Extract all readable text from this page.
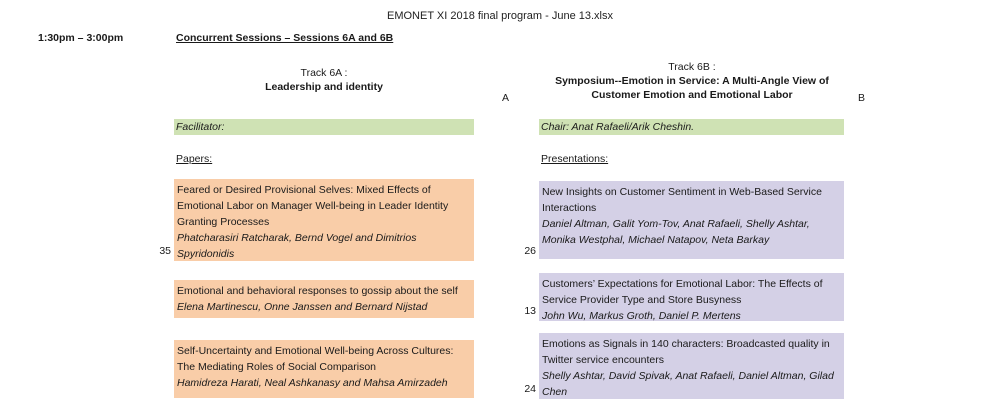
EMONET XI 2018 final program - June 13.xlsx
1:30pm – 3:00pm	Concurrent Sessions – Sessions 6A and 6B
Track 6A :
Leadership and identity
Track 6B :
Symposium--Emotion in Service: A Multi-Angle View of
Customer Emotion and Emotional Labor
A	B
Facilitator:	Chair: Anat Rafaeli/Arik Cheshin.
Papers:	Presentations:
Feared or Desired Provisional Selves: Mixed Effects of Emotional Labor on Manager Well-being in Leader Identity Granting Processes
Phatcharasiri Ratcharak, Bernd Vogel and Dimitrios Spyridonidis
35
Emotional and behavioral responses to gossip about the self
Elena Martinescu, Onne Janssen and Bernard Nijstad
Self-Uncertainty and Emotional Well-being Across Cultures: The Mediating Roles of Social Comparison
Hamidreza Harati, Neal Ashkanasy and Mahsa Amirzadeh
New Insights on Customer Sentiment in Web-Based Service Interactions
Daniel Altman, Galit Yom-Tov, Anat Rafaeli, Shelly Ashtar, Monika Westphal, Michael Natapov, Neta Barkay
26
Customers’ Expectations for Emotional Labor: The Effects of Service Provider Type and Store Busyness
John Wu, Markus Groth, Daniel P. Mertens
13
Emotions as Signals in 140 characters: Broadcasted quality in Twitter service encounters
Shelly Ashtar, David Spivak, Anat Rafaeli, Daniel Altman, Gilad Chen
24
